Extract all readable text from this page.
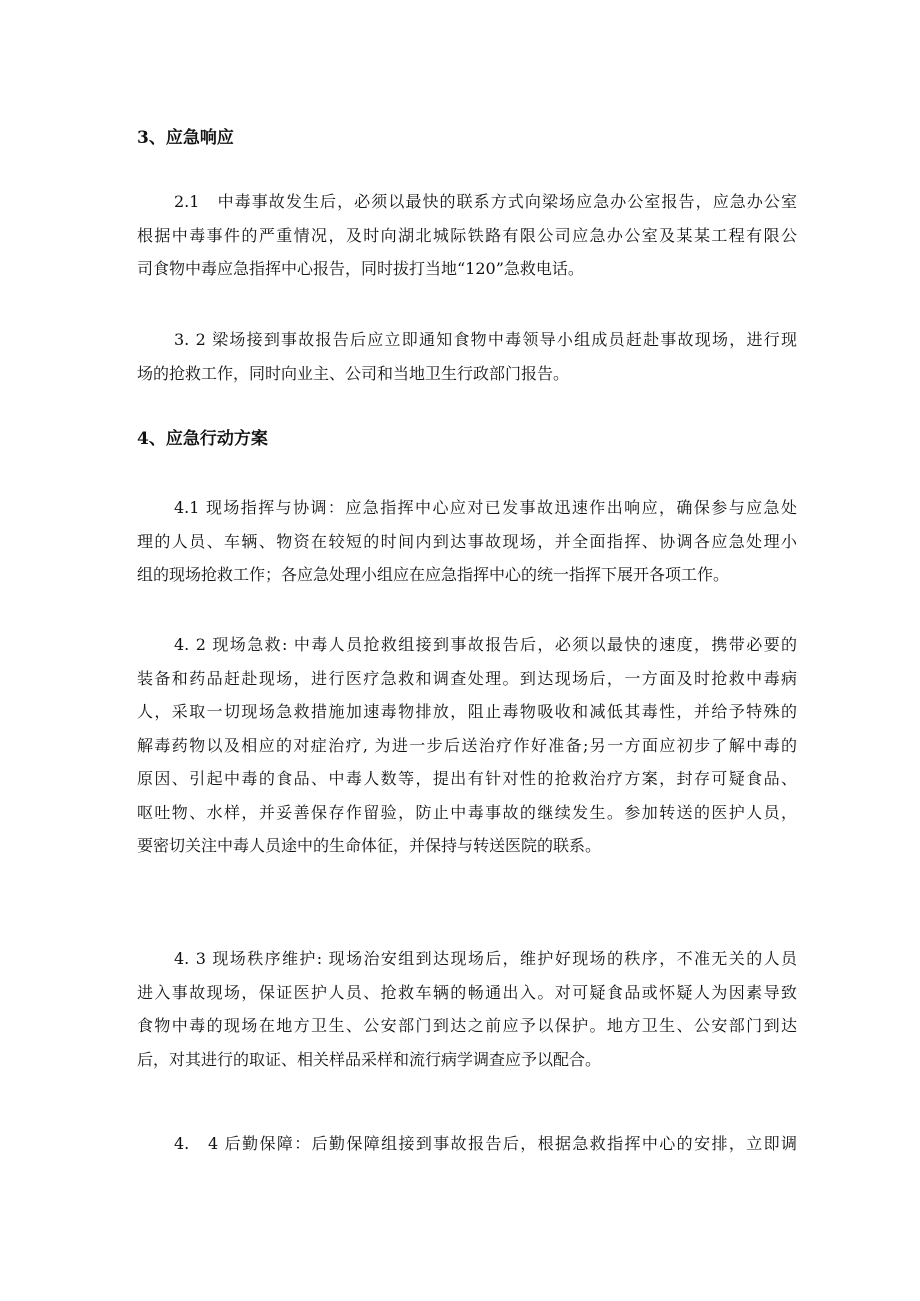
3、应急响应
2.1　中毒事故发生后，必须以最快的联系方式向梁场应急办公室报告，应急办公室
根据中毒事件的严重情况，及时向湖北城际铁路有限公司应急办公室及某某工程有限公
司食物中毒应急指挥中心报告，同时拔打当地“120”急救电话。
3. 2 梁场接到事故报告后应立即通知食物中毒领导小组成员赶赴事故现场，进行现
场的抢救工作，同时向业主、公司和当地卫生行政部门报告。
4、应急行动方案
4.1 现场指挥与协调：应急指挥中心应对已发事故迅速作出响应，确保参与应急处
理的人员、车辆、物资在较短的时间内到达事故现场，并全面指挥、协调各应急处理小
组的现场抢救工作；各应急处理小组应在应急指挥中心的统一指挥下展开各项工作。
4. 2 现场急救: 中毒人员抢救组接到事故报告后，必须以最快的速度，携带必要的
装备和药品赶赴现场，进行医疗急救和调查处理。到达现场后，一方面及时抢救中毒病
人，采取一切现场急救措施加速毒物排放，阻止毒物吸收和减低其毒性，并给予特殊的
解毒药物以及相应的对症治疗, 为进一步后送治疗作好准备;另一方面应初步了解中毒的
原因、引起中毒的食品、中毒人数等，提出有针对性的抢救治疗方案，封存可疑食品、
呕吐物、水样，并妥善保存作留验，防止中毒事故的继续发生。参加转送的医护人员，
要密切关注中毒人员途中的生命体征，并保持与转送医院的联系。
4. 3 现场秩序维护: 现场治安组到达现场后，维护好现场的秩序，不准无关的人员
进入事故现场，保证医护人员、抢救车辆的畅通出入。对可疑食品或怀疑人为因素导致
食物中毒的现场在地方卫生、公安部门到达之前应予以保护。地方卫生、公安部门到达
后，对其进行的取证、相关样品采样和流行病学调查应予以配合。
4.　4 后勤保障：后勤保障组接到事故报告后，根据急救指挥中心的安排，立即调
